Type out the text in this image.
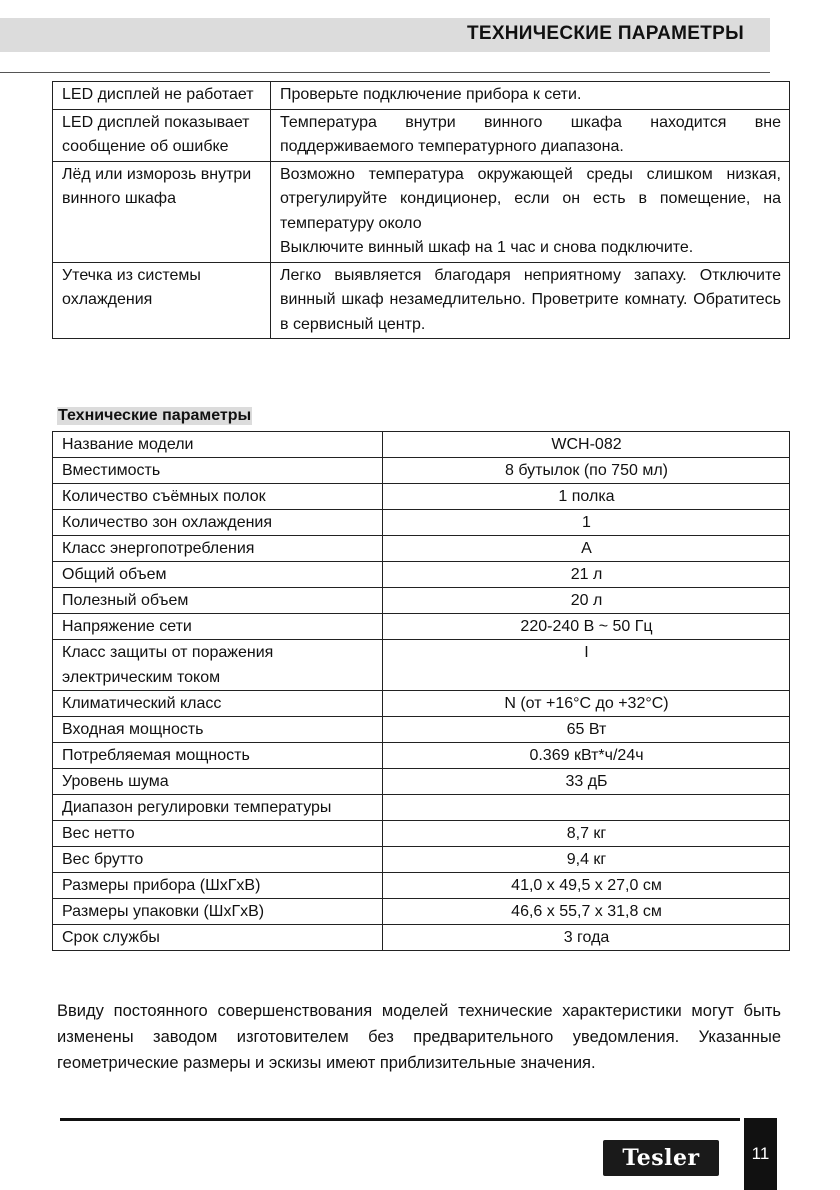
ТЕХНИЧЕСКИЕ ПАРАМЕТРЫ
LED дисплей не работает	Проверьте подключение прибора к сети.
LED дисплей показывает сообщение об ошибке	Температура внутри винного шкафа находится вне поддерживаемого температурного диапазона.
Лёд или изморозь внутри винного шкафа	Возможно температура окружающей среды слишком низкая, отрегулируйте кондиционер, если он есть в помещение, на температуру около
Выключите винный шкаф на 1 час и снова подключите.

Утечка из системы охлаждения	Легко выявляется благодаря неприятному запаху. Отключите винный шкаф незамедлительно. Проветрите комнату. Обратитесь в сервисный центр.
Технические параметры
Название модели	WCH-082
Вместимость	8 бутылок (по 750 мл)
Количество съёмных полок	1 полка
Количество зон охлаждения	1
Класс энергопотребления	A
Общий объем	21 л
Полезный объем	20 л
Напряжение сети	220-240 В ~ 50 Гц
Класс защиты от поражения электрическим током	I
Климатический класс	N (от +16°C до +32°C)
Входная мощность	65 Вт
Потребляемая мощность	0.369 кВт*ч/24ч
Уровень шума	33 дБ
Диапазон регулировки температуры	
Вес нетто	8,7 кг
Вес брутто	9,4 кг
Размеры прибора (ШхГхВ)	41,0 x 49,5 x 27,0 см
Размеры упаковки (ШхГхВ)	46,6 x 55,7 x 31,8 см
Срок службы	3 года
Ввиду постоянного совершенствования моделей технические характеристики могут быть изменены заводом изготовителем без предварительного уведомления. Указанные геометрические размеры и эскизы имеют приблизительные значения.
Tesler	11
